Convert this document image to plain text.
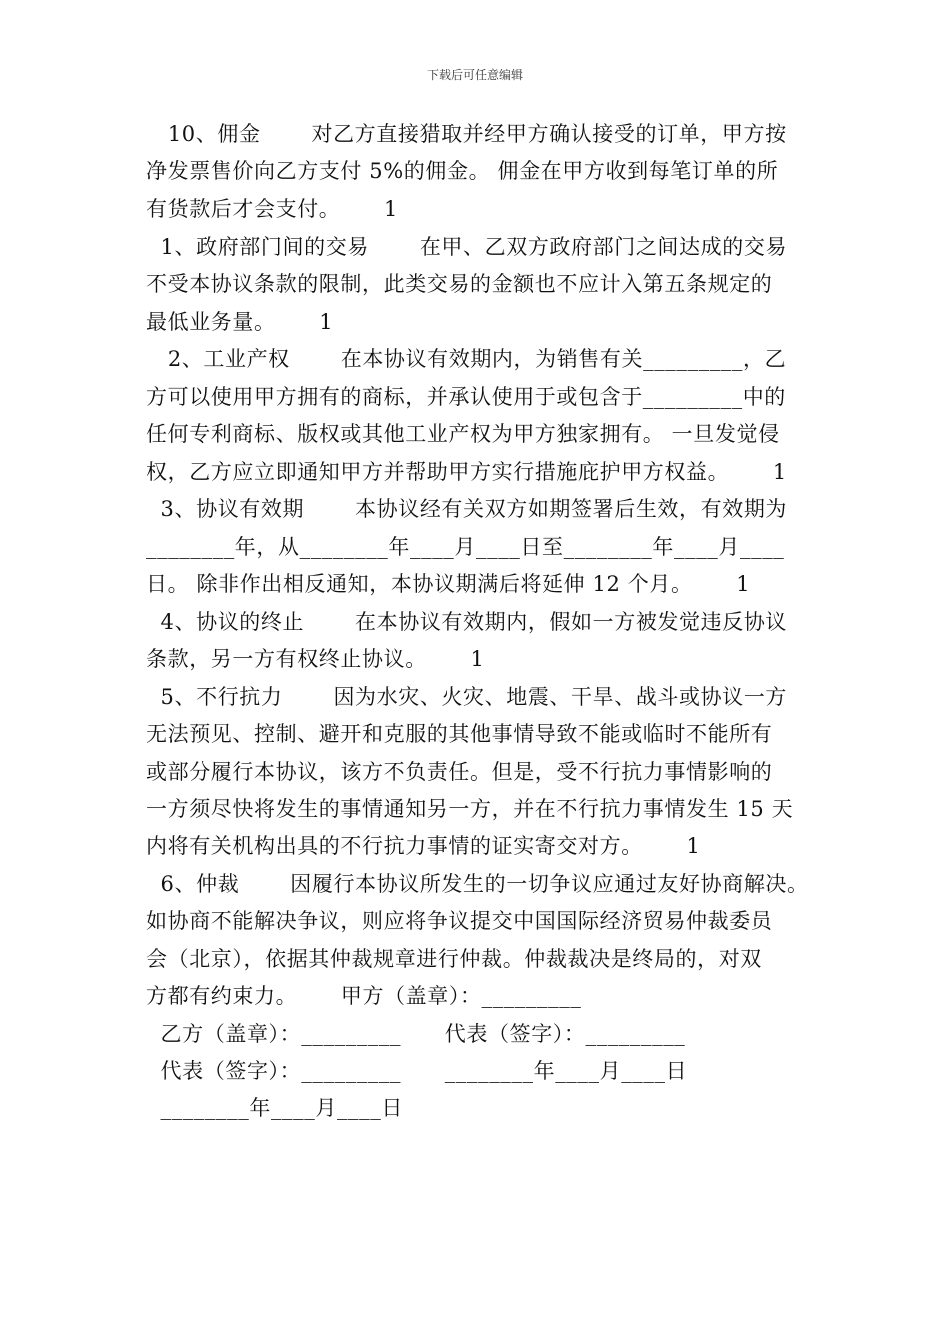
下载后可任意编辑
10、佣金       对乙方直接猎取并经甲方确认接受的订单，甲方按
净发票售价向乙方支付 5%的佣金。 佣金在甲方收到每笔订单的所
有货款后才会支付。      1
1、政府部门间的交易       在甲、乙双方政府部门之间达成的交易
不受本协议条款的限制，此类交易的金额也不应计入第五条规定的
最低业务量。      1
2、工业产权       在本协议有效期内，为销售有关_________，乙
方可以使用甲方拥有的商标，并承认使用于或包含于_________中的
任何专利商标、版权或其他工业产权为甲方独家拥有。 一旦发觉侵
权，乙方应立即通知甲方并帮助甲方实行措施庇护甲方权益。      1
3、协议有效期       本协议经有关双方如期签署后生效，有效期为
________年，从________年____月____日至________年____月____
日。 除非作出相反通知，本协议期满后将延伸 12 个月。      1
4、协议的终止       在本协议有效期内，假如一方被发觉违反协议
条款，另一方有权终止协议。      1
5、不行抗力       因为水灾、火灾、地震、干旱、战斗或协议一方
无法预见、控制、避开和克服的其他事情导致不能或临时不能所有
或部分履行本协议，该方不负责任。但是，受不行抗力事情影响的
一方须尽快将发生的事情通知另一方，并在不行抗力事情发生 15 天
内将有关机构出具的不行抗力事情的证实寄交对方。      1
6、仲裁       因履行本协议所发生的一切争议应通过友好协商解决。
如协商不能解决争议，则应将争议提交中国国际经济贸易仲裁委员
会（北京），依据其仲裁规章进行仲裁。仲裁裁决是终局的，对双
方都有约束力。      甲方（盖章）：_________
乙方（盖章）：_________      代表（签字）：_________
代表（签字）：_________      ________年____月____日
________年____月____日
